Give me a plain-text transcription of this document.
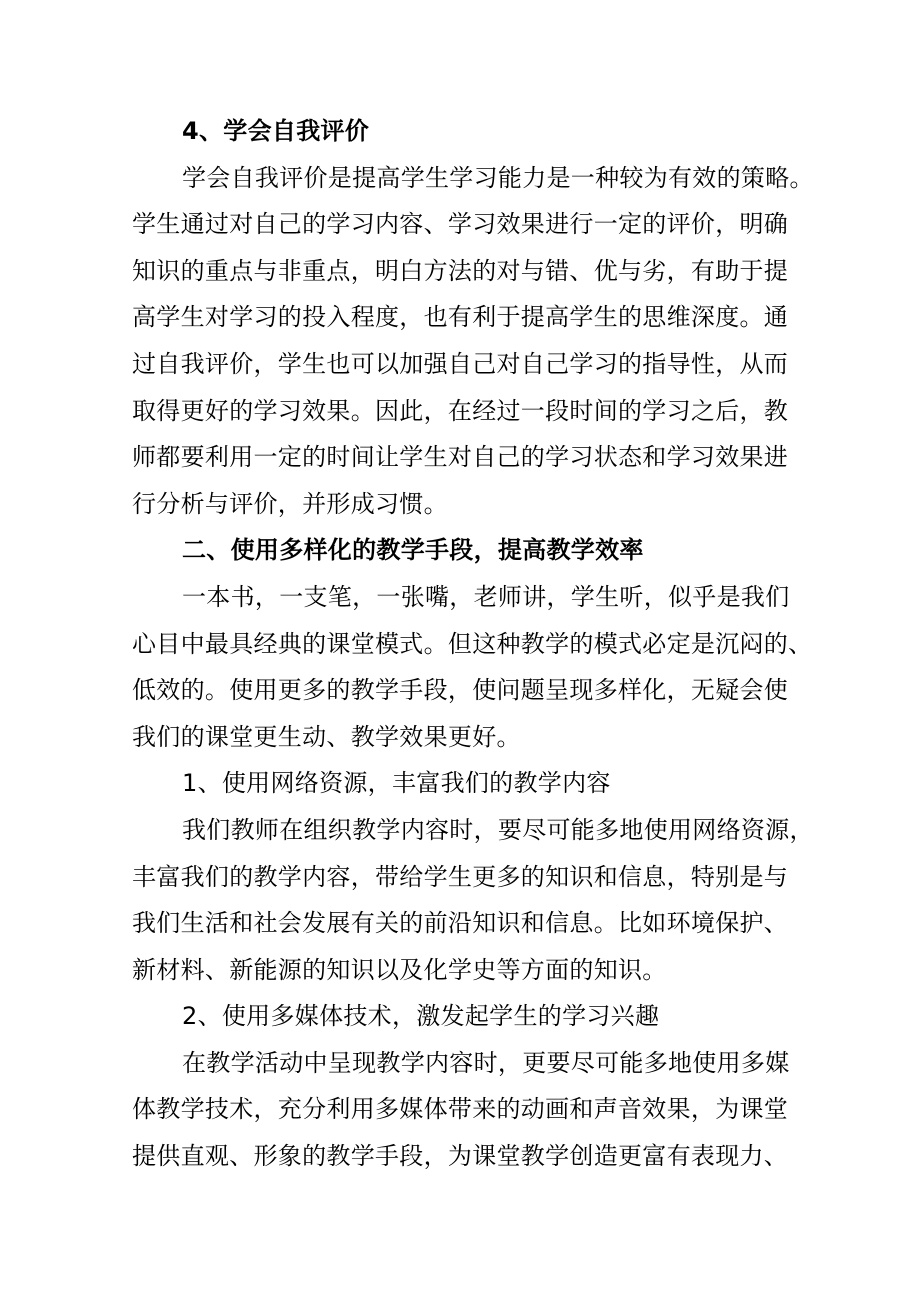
4、学会自我评价
学会自我评价是提高学生学习能力是一种较为有效的策略。
学生通过对自己的学习内容、学习效果进行一定的评价，明确
知识的重点与非重点，明白方法的对与错、优与劣，有助于提
高学生对学习的投入程度，也有利于提高学生的思维深度。通
过自我评价，学生也可以加强自己对自己学习的指导性，从而
取得更好的学习效果。因此，在经过一段时间的学习之后，教
师都要利用一定的时间让学生对自己的学习状态和学习效果进
行分析与评价，并形成习惯。
二、使用多样化的教学手段，提高教学效率
一本书，一支笔，一张嘴，老师讲，学生听，似乎是我们
心目中最具经典的课堂模式。但这种教学的模式必定是沉闷的、
低效的。使用更多的教学手段，使问题呈现多样化，无疑会使
我们的课堂更生动、教学效果更好。
1、使用网络资源，丰富我们的教学内容
我们教师在组织教学内容时，要尽可能多地使用网络资源，
丰富我们的教学内容，带给学生更多的知识和信息，特别是与
我们生活和社会发展有关的前沿知识和信息。比如环境保护、
新材料、新能源的知识以及化学史等方面的知识。
2、使用多媒体技术，激发起学生的学习兴趣
在教学活动中呈现教学内容时，更要尽可能多地使用多媒
体教学技术，充分利用多媒体带来的动画和声音效果，为课堂
提供直观、形象的教学手段，为课堂教学创造更富有表现力、
